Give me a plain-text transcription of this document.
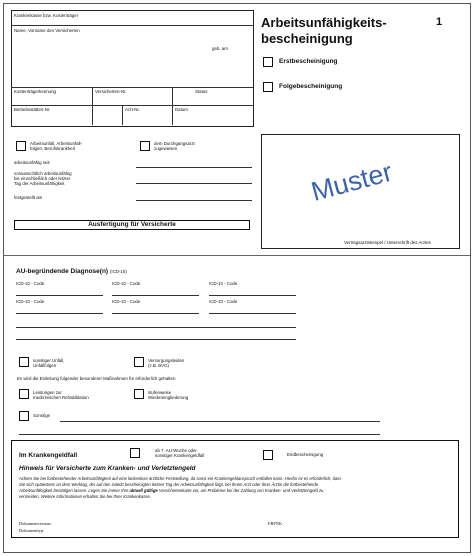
Krankenkasse bzw. Kostenträger
Name, Vorname des Versicherten
geb. am
Kostenträgerkennung	Versicherten-Nr.	Status
Betriebsstätten-Nr.	Arzt-Nr.	Datum
Arbeitsunfähigkeits-
bescheinigung
1
Erstbescheinigung
Folgebescheinigung
Arbeitsunfall, Arbeitsunfall-
folgen, Berufskrankheit
dem Durchgangsarzt
zugewiesen
arbeitsunfähig seit
voraussichtlich arbeitsunfähig
bis einschließlich oder letzter
Tag der Arbeitsunfähigkeit
festgestellt am
Ausfertigung für Versicherte
Muster
Vertragsarztstempel / Unterschrift des Arztes
AU-begründende Diagnose(n) (ICD-10)
ICD-10 - Code	ICD-10 - Code	ICD-10 - Code
ICD-10 - Code	ICD-10 - Code	ICD-10 - Code
sonstiger Unfall,
Unfallfolgen
Versorgungsleiden
(z.B. BVG)
Es wird die Einleitung folgender besonderer Maßnahmen für erforderlich gehalten
Leistungen zur
medizinischen Rehabilitation
stufenweise
Wiedereingliederung
Sonstige
Im Krankengeldfall
ab 7. AU-Woche oder
sonstiger Krankengeldfall	Endbescheinigung
Hinweis für Versicherte zum Kranken- und Verletztengeld
Achten Sie bei fortbestehender Arbeitsunfähigkeit auf eine lückenlose ärztliche Feststellung, da sonst ein Krankengeldanspruch entfallen kann. Hierfür ist es erforderlich, dass
Sie sich spätestens an dem Werktag, der auf den zuletzt bescheinigten letzten Tag der Arbeitsunfähigkeit folgt, bei Ihrem Arzt oder Ihrer Ärztin die fortbestehende
Arbeitsunfähigkeit bestätigen lassen. Legen Sie immer Ihre aktuell gültige Versichertenkarte vor, um Probleme bei der Zahlung von Kranken- und Verletztengeld zu
vermeiden. Weitere Informationen erhalten Sie bei Ihrer Krankenkasse.
Dokumentversion:
Dokumenttyp:
FRFNK
